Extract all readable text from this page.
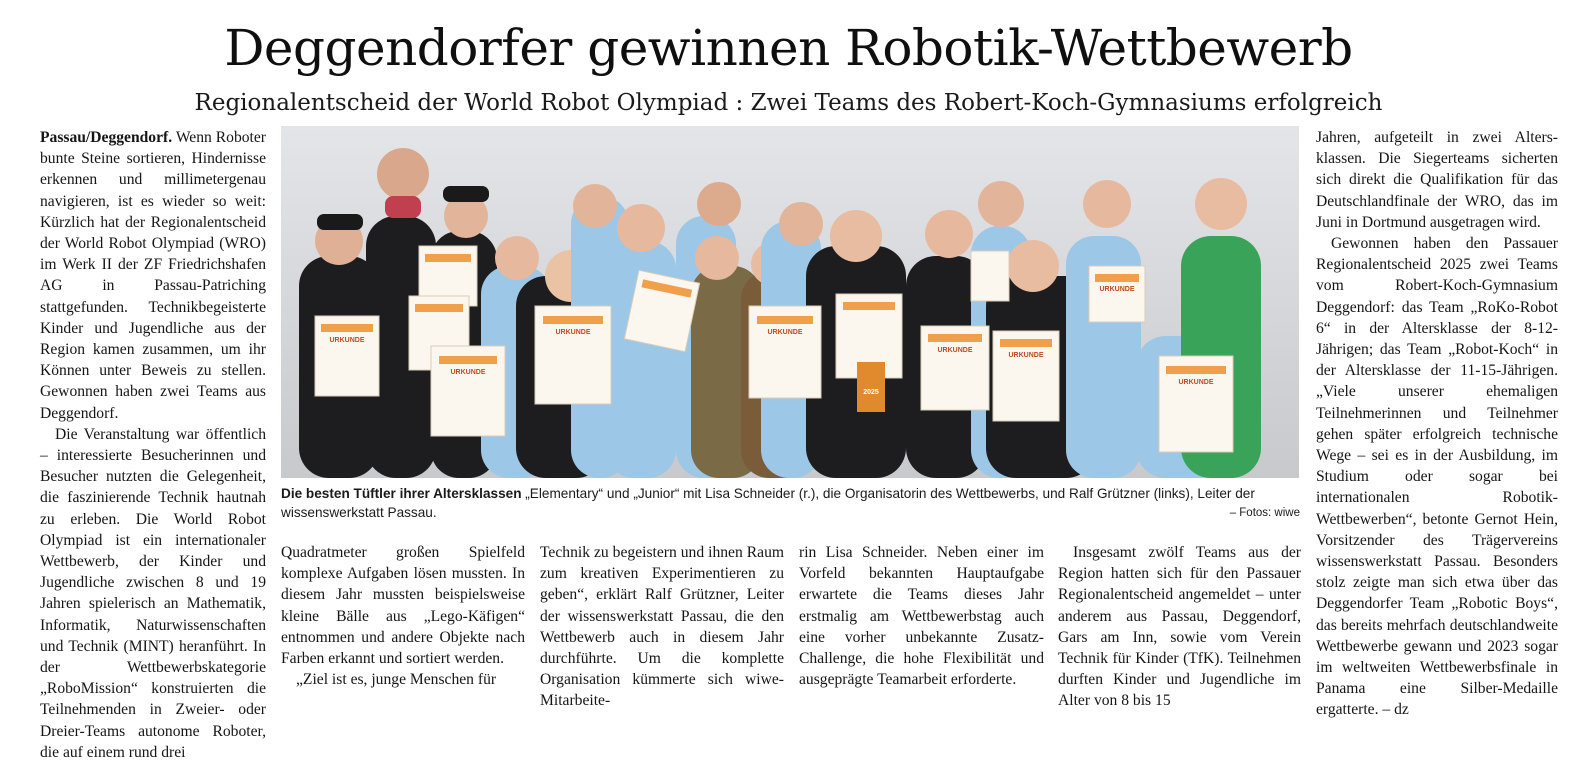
Deggendorfer gewinnen Robotik-Wettbewerb
Regionalentscheid der World Robot Olympiad : Zwei Teams des Robert-Koch-Gymnasiums erfolgreich

Passau/Deggendorf. Wenn Roboter bunte Steine sortieren, Hindernisse erkennen und millimetergenau navigieren, ist es wieder so weit: Kürzlich hat der Regionalentscheid der World Robot Olympiad (WRO) im Werk II der ZF Friedrichshafen AG in Passau-Patriching stattgefunden. Technikbegeisterte Kinder und Jugendliche aus der Region kamen zusammen, um ihr Können unter Beweis zu stellen. Gewonnen haben zwei Teams aus Deggendorf.

Die Veranstaltung war öffentlich – interessierte Besucherinnen und Besucher nutzten die Gelegenheit, die faszinierende Technik hautnah zu erleben. Die World Robot Olympiad ist ein internationaler Wettbewerb, der Kinder und Jugendliche zwischen 8 und 19 Jahren spielerisch an Mathematik, Informatik, Naturwissenschaften und Technik (MINT) heranführt. In der Wettbewerbskategorie „RoboMission“ konstruierten die Teilnehmenden in Zweier- oder Dreier-Teams autonome Roboter, die auf einem rund drei

URKUNDE
URKUNDE
URKUNDE	URKUNDE
URKUNDE
URKUNDE
URKUNDE
URKUNDE
2025
Die besten Tüftler ihrer Altersklassen „Elementary“ und „Junior“ mit Lisa Schneider (r.), die Organisatorin des Wettbewerbs, und Ralf Grützner (links), Leiter der wissenswerkstatt Passau.	– Fotos: wiwe

Quadratmeter großen Spielfeld komplexe Aufgaben lösen mussten. In diesem Jahr mussten beispielsweise kleine Bälle aus „Lego-Käfigen“ entnommen und andere Objekte nach Farben erkannt und sortiert werden.

„Ziel ist es, junge Menschen für

Technik zu begeistern und ihnen Raum zum kreativen Experimentieren zu geben“, erklärt Ralf Grützner, Leiter der wissenswerkstatt Passau, die den Wettbewerb auch in diesem Jahr durchführte. Um die komplette Organisation kümmerte sich wiwe-Mitarbeite-

rin Lisa Schneider. Neben einer im Vorfeld bekannten Hauptaufgabe erwartete die Teams dieses Jahr erstmalig am Wettbewerbstag auch eine vorher unbekannte Zusatz-Challenge, die hohe Flexibilität und ausgeprägte Teamarbeit erforderte.

Insgesamt zwölf Teams aus der Region hatten sich für den Passauer Regionalentscheid angemeldet – unter anderem aus Passau, Deggendorf, Gars am Inn, sowie vom Verein Technik für Kinder (TfK). Teilnehmen durften Kinder und Jugendliche im Alter von 8 bis 15

Jahren, aufgeteilt in zwei Altersklassen. Die Siegerteams sicherten sich direkt die Qualifikation für das Deutschlandfinale der WRO, das im Juni in Dortmund ausgetragen wird.

Gewonnen haben den Passauer Regionalentscheid 2025 zwei Teams vom Robert-Koch-Gymnasium Deggendorf: das Team „RoKo-Robot 6“ in der Altersklasse der 8-12-Jährigen; das Team „Robot-Koch“ in der Altersklasse der 11-15-Jährigen. „Viele unserer ehemaligen Teilnehmerinnen und Teilnehmer gehen später erfolgreich technische Wege – sei es in der Ausbildung, im Studium oder sogar bei internationalen Robotik-Wettbewerben“, betonte Gernot Hein, Vorsitzender des Trägervereins wissenswerkstatt Passau. Besonders stolz zeigte man sich etwa über das Deggendorfer Team „Robotic Boys“, das bereits mehrfach deutschlandweite Wettbewerbe gewann und 2023 sogar im weltweiten Wettbewerbsfinale in Panama eine Silber-Medaille ergatterte. – dz
